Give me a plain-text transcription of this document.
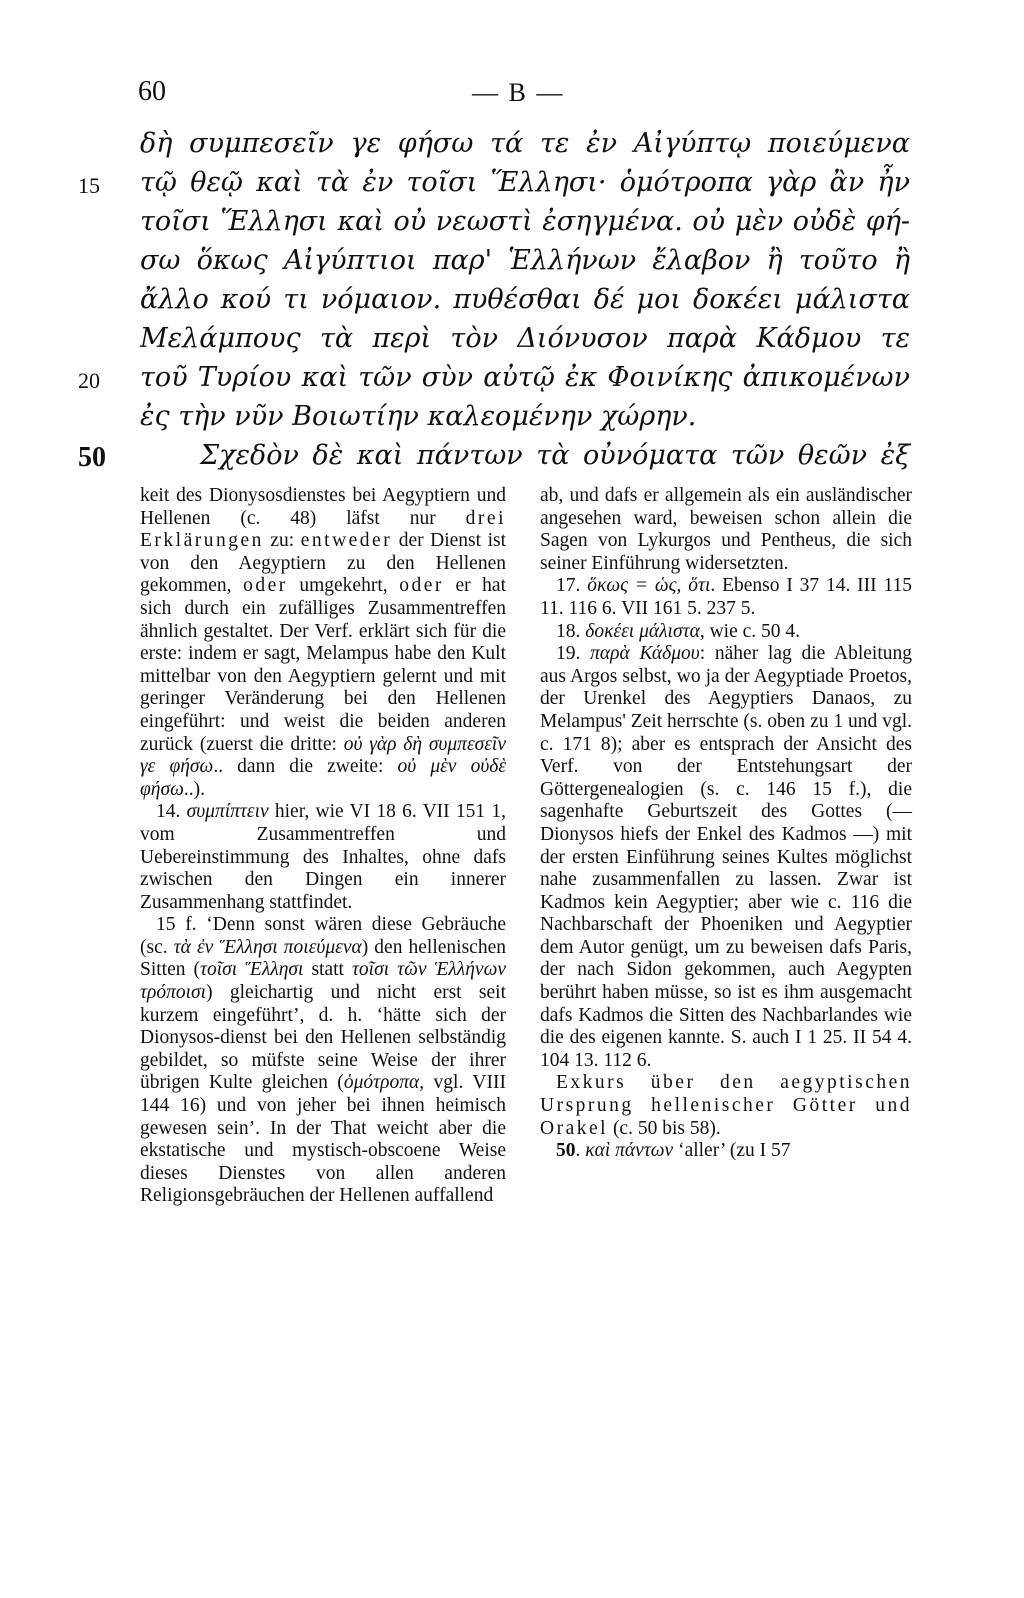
60	— B —
δὴ συμπεσεῖν γε φήσω τά τε ἐν Αἰγύπτῳ ποιεύμενα
15 τῷ θεῷ καὶ τὰ ἐν τοῖσι Ἕλλησι· ὁμότροπα γὰρ ἂν ἦν
τοῖσι Ἕλλησι καὶ οὐ νεωστὶ ἐσηγμένα. οὐ μὲν οὐδὲ φή-
σω ὅκως Αἰγύπτιοι παρ' Ἑλλήνων ἔλαβον ἢ τοῦτο ἢ
ἄλλο κού τι νόμαιον. πυθέσθαι δέ μοι δοκέει μάλιστα
Μελάμπους τὰ περὶ τὸν Διόνυσον παρὰ Κάδμου τε
20 τοῦ Τυρίου καὶ τῶν σὺν αὐτῷ ἐκ Φοινίκης ἀπικομένων
ἐς τὴν νῦν Βοιωτίην καλεομένην χώρην.
50	Σχεδὸν δὲ καὶ πάντων τὰ οὐνόματα τῶν θεῶν ἐξ

keit des Dionysosdienstes bei Aegyptiern und Hellenen (c. 48) läfst nur drei Erklärungen zu: entweder der Dienst ist von den Aegyptiern zu den Hellenen gekommen, oder umgekehrt, oder er hat sich durch ein zufälliges Zusammentreffen ähnlich gestaltet. Der Verf. erklärt sich für die erste: indem er sagt, Melampus habe den Kult mittelbar von den Aegyptiern gelernt und mit geringer Veränderung bei den Hellenen eingeführt: und weist die beiden anderen zurück (zuerst die dritte: οὐ γὰρ δὴ συμπεσεῖν γε φήσω.. dann die zweite: οὐ μὲν οὐδὲ φήσω..).

14. συμπίπτειν hier, wie VI 18 6. VII 151 1, vom Zusammentreffen und Uebereinstimmung des Inhaltes, ohne dafs zwischen den Dingen ein innerer Zusammenhang stattfindet.

15 f. ‘Denn sonst wären diese Gebräuche (sc. τὰ ἐν Ἕλλησι ποιεύμενα) den hellenischen Sitten (τοῖσι Ἕλλησι statt τοῖσι τῶν Ἑλλήνων τρόποισι) gleichartig und nicht erst seit kurzem eingeführt’, d. h. ‘hätte sich der Dionysos-dienst bei den Hellenen selbständig gebildet, so müfste seine Weise der ihrer übrigen Kulte gleichen (ὁμότροπα, vgl. VIII 144 16) und von jeher bei ihnen heimisch gewesen sein’. In der That weicht aber die ekstatische und mystisch-obscoene Weise dieses Dienstes von allen anderen Religionsgebräuchen der Hellenen auffallend

ab, und dafs er allgemein als ein ausländischer angesehen ward, beweisen schon allein die Sagen von Lykurgos und Pentheus, die sich seiner Einführung widersetzten.

17. ὅκως = ὡς, ὅτι. Ebenso I 37 14. III 115 11. 116 6. VII 161 5. 237 5.

18. δοκέει μάλιστα, wie c. 50 4.

19. παρὰ Κάδμου: näher lag die Ableitung aus Argos selbst, wo ja der Aegyptiade Proetos, der Urenkel des Aegyptiers Danaos, zu Melampus' Zeit herrschte (s. oben zu 1 und vgl. c. 171 8); aber es entsprach der Ansicht des Verf. von der Entstehungsart der Göttergenealogien (s. c. 146 15 f.), die sagenhafte Geburtszeit des Gottes (— Dionysos hiefs der Enkel des Kadmos —) mit der ersten Einführung seines Kultes möglichst nahe zusammenfallen zu lassen. Zwar ist Kadmos kein Aegyptier; aber wie c. 116 die Nachbarschaft der Phoeniken und Aegyptier dem Autor genügt, um zu beweisen dafs Paris, der nach Sidon gekommen, auch Aegypten berührt haben müsse, so ist es ihm ausgemacht dafs Kadmos die Sitten des Nachbarlandes wie die des eigenen kannte. S. auch I 1 25. II 54 4. 104 13. 112 6.

Exkurs über den aegyptischen Ursprung hellenischer Götter und Orakel (c. 50 bis 58).

50. καὶ πάντων ‘aller’ (zu I 57
